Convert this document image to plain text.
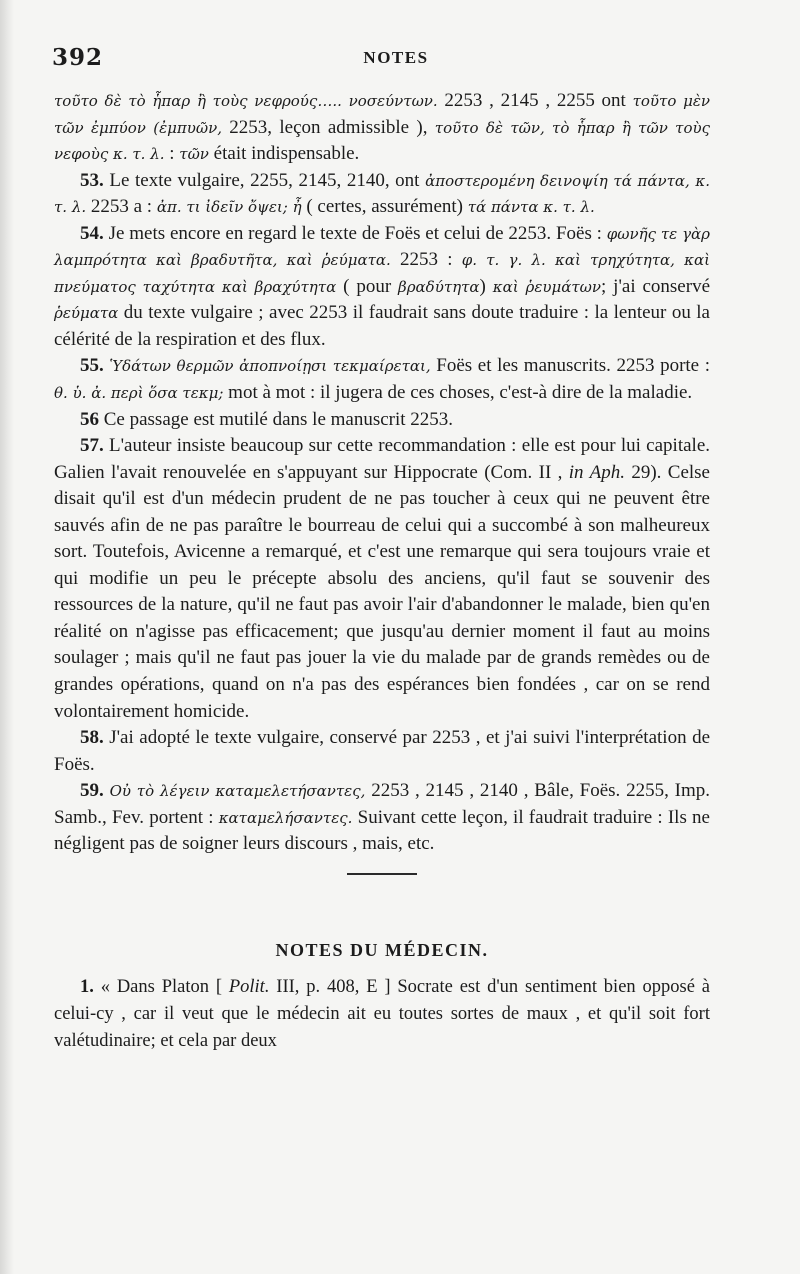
392	NOTES

τοῦτο δὲ τὸ ἧπαρ ἢ τοὺς νεφρούς….. νοσεύντων. 2253 , 2145 , 2255 ont τοῦτο μὲν τῶν ἐμπύον (ἐμπυῶν, 2253, leçon admissible ), τοῦτο δὲ τῶν, τὸ ἧπαρ ἢ τῶν τοὺς νεφοὺς κ. τ. λ. : τῶν était indispensable.

53. Le texte vulgaire, 2255, 2145, 2140, ont ἀποστερομένη δεινοψίη τά πάντα, κ. τ. λ. 2253 a : ἀπ. τι ἰδεῖν ὄψει; ἦ ( certes, assurément) τά πάντα κ. τ. λ.

54. Je mets encore en regard le texte de Foës et celui de 2253. Foës : φωνῆς τε γὰρ λαμπρότητα καὶ βραδυτῆτα, καὶ ῥεύματα. 2253 : φ. τ. γ. λ. καὶ τρηχύτητα, καὶ πνεύματος ταχύτητα καὶ βραχύτητα ( pour βραδύτητα) καὶ ῥευμάτων; j'ai conservé ῥεύματα du texte vulgaire ; avec 2253 il faudrait sans doute traduire : la lenteur ou la célérité de la respiration et des flux.

55. Ὑδάτων θερμῶν ἀποπνοίῃσι τεκμαίρεται, Foës et les manuscrits. 2253 porte : θ. ὑ. ἀ. περὶ ὅσα τεκμ; mot à mot : il jugera de ces choses, c'est-à dire de la maladie.

56 Ce passage est mutilé dans le manuscrit 2253.

57. L'auteur insiste beaucoup sur cette recommandation : elle est pour lui capitale. Galien l'avait renouvelée en s'appuyant sur Hippocrate (Com. II , in Aph. 29). Celse disait qu'il est d'un médecin prudent de ne pas toucher à ceux qui ne peuvent être sauvés afin de ne pas paraître le bourreau de celui qui a succombé à son malheureux sort. Toutefois, Avicenne a remarqué, et c'est une remarque qui sera toujours vraie et qui modifie un peu le précepte absolu des anciens, qu'il faut se souvenir des ressources de la nature, qu'il ne faut pas avoir l'air d'abandonner le malade, bien qu'en réalité on n'agisse pas efficacement; que jusqu'au dernier moment il faut au moins soulager ; mais qu'il ne faut pas jouer la vie du malade par de grands remèdes ou de grandes opérations, quand on n'a pas des espérances bien fondées , car on se rend volontairement homicide.

58. J'ai adopté le texte vulgaire, conservé par 2253 , et j'ai suivi l'interprétation de Foës.

59. Οὐ τὸ λέγειν καταμελετήσαντες, 2253 , 2145 , 2140 , Bâle, Foës. 2255, Imp. Samb., Fev. portent : καταμελήσαντες. Suivant cette leçon, il faudrait traduire : Ils ne négligent pas de soigner leurs discours , mais, etc.

NOTES DU MÉDECIN.

1. « Dans Platon [ Polit. III, p. 408, E ] Socrate est d'un sentiment bien opposé à celui-cy , car il veut que le médecin ait eu toutes sortes de maux , et qu'il soit fort valétudinaire; et cela par deux
